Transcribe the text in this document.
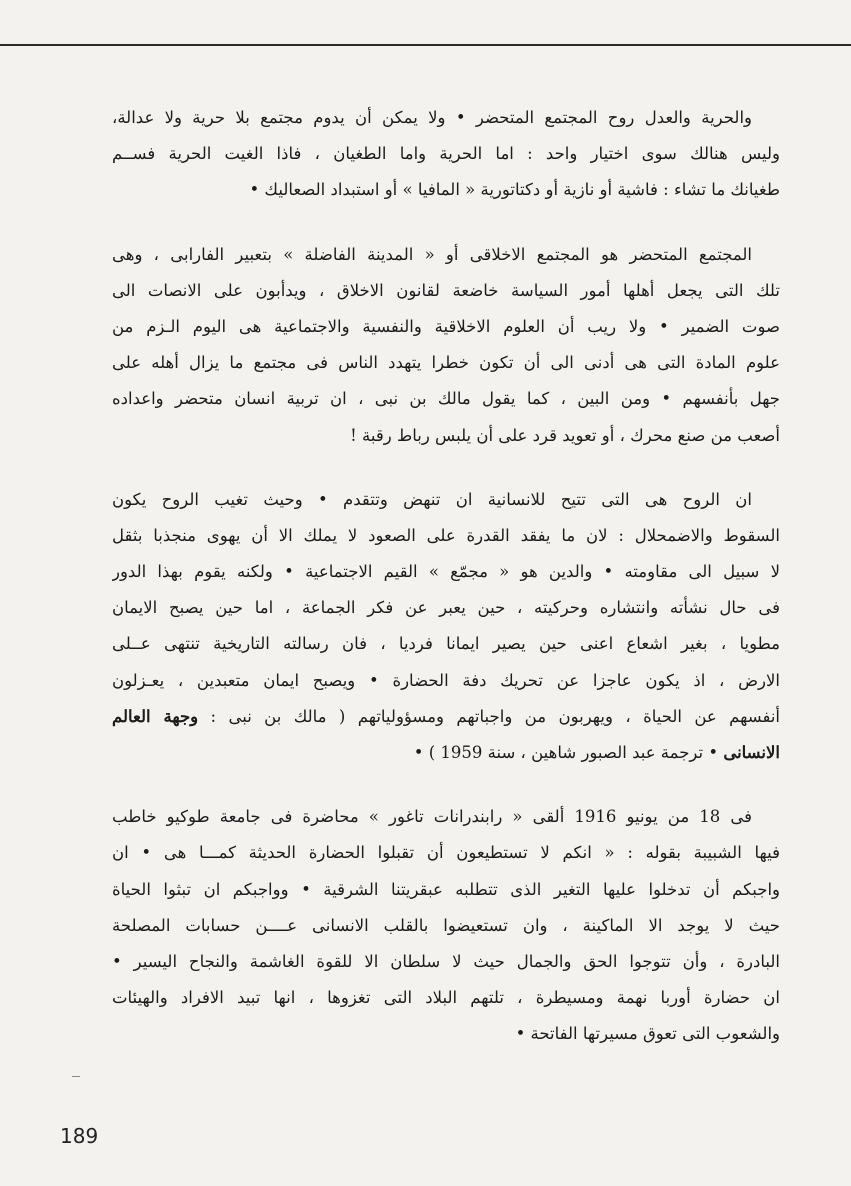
والحرية والعدل روح المجتمع المتحضر • ولا يمكن أن يدوم مجتمع بلا حرية ولا عدالة،
وليس هنالك سوى اختيار واحد : اما الحرية واما الطغيان ، فاذا الغيت الحرية فســم
طغيانك ما تشاء : فاشية أو نازية أو دكتاتورية « المافيا » أو استبداد الصعاليك •

المجتمع المتحضر هو المجتمع الاخلاقى أو « المدينة الفاضلة » بتعبير الفارابى ، وهى
تلك التى يجعل أهلها أمور السياسة خاضعة لقانون الاخلاق ، ويدأبون على الانصات الى
صوت الضمير • ولا ريب أن العلوم الاخلاقية والنفسية والاجتماعية هى اليوم الـزم من
علوم المادة التى هى أدنى الى أن تكون خطرا يتهدد الناس فى مجتمع ما يزال أهله على
جهل بأنفسهم • ومن البين ، كما يقول مالك بن نبى ، ان تربية انسان متحضر واعداده
أصعب من صنع محرك ، أو تعويد قرد على أن يلبس رباط رقبة !

ان الروح هى التى تتيح للانسانية ان تنهض وتتقدم • وحيث تغيب الروح يكون
السقوط والاضمحلال : لان ما يفقد القدرة على الصعود لا يملك الا أن يهوى منجذبا بثقل
لا سبيل الى مقاومته • والدين هو « مجمّع » القيم الاجتماعية • ولكنه يقوم بهذا الدور
فى حال نشأته وانتشاره وحركيته ، حين يعبر عن فكر الجماعة ، اما حين يصبح الايمان
مطويا ، بغير اشعاع اعنى حين يصير ايمانا فرديا ، فان رسالته التاريخية تنتهى عــلى
الارض ، اذ يكون عاجزا عن تحريك دفة الحضارة • ويصبح ايمان متعبدين ، يعـزلون
أنفسهم عن الحياة ، ويهربون من واجباتهم ومسؤولياتهم ( مالك بن نبى : وجهة العالم
الانسانى • ترجمة عبد الصبور شاهين ، سنة 1959 ) •

فى 18 من يونيو 1916 ألقى « رابندرانات تاغور » محاضرة فى جامعة طوكيو خاطب
فيها الشبيبة بقوله : « انكم لا تستطيعون أن تقبلوا الحضارة الحديثة كمـــا هى • ان
واجبكم أن تدخلوا عليها التغير الذى تتطلبه عبقريتنا الشرقية • وواجبكم ان تبثوا الحياة
حيث لا يوجد الا الماكينة ، وان تستعيضوا بالقلب الانسانى عــــن حسابات المصلحة
البادرة ، وأن تتوجوا الحق والجمال حيث لا سلطان الا للقوة الغاشمة والنجاح اليسير •
ان حضارة أوربا نهمة ومسيطرة ، تلتهم البلاد التى تغزوها ، انها تبيد الافراد والهيئات
والشعوب التى تعوق مسيرتها الفاتحة •

189
